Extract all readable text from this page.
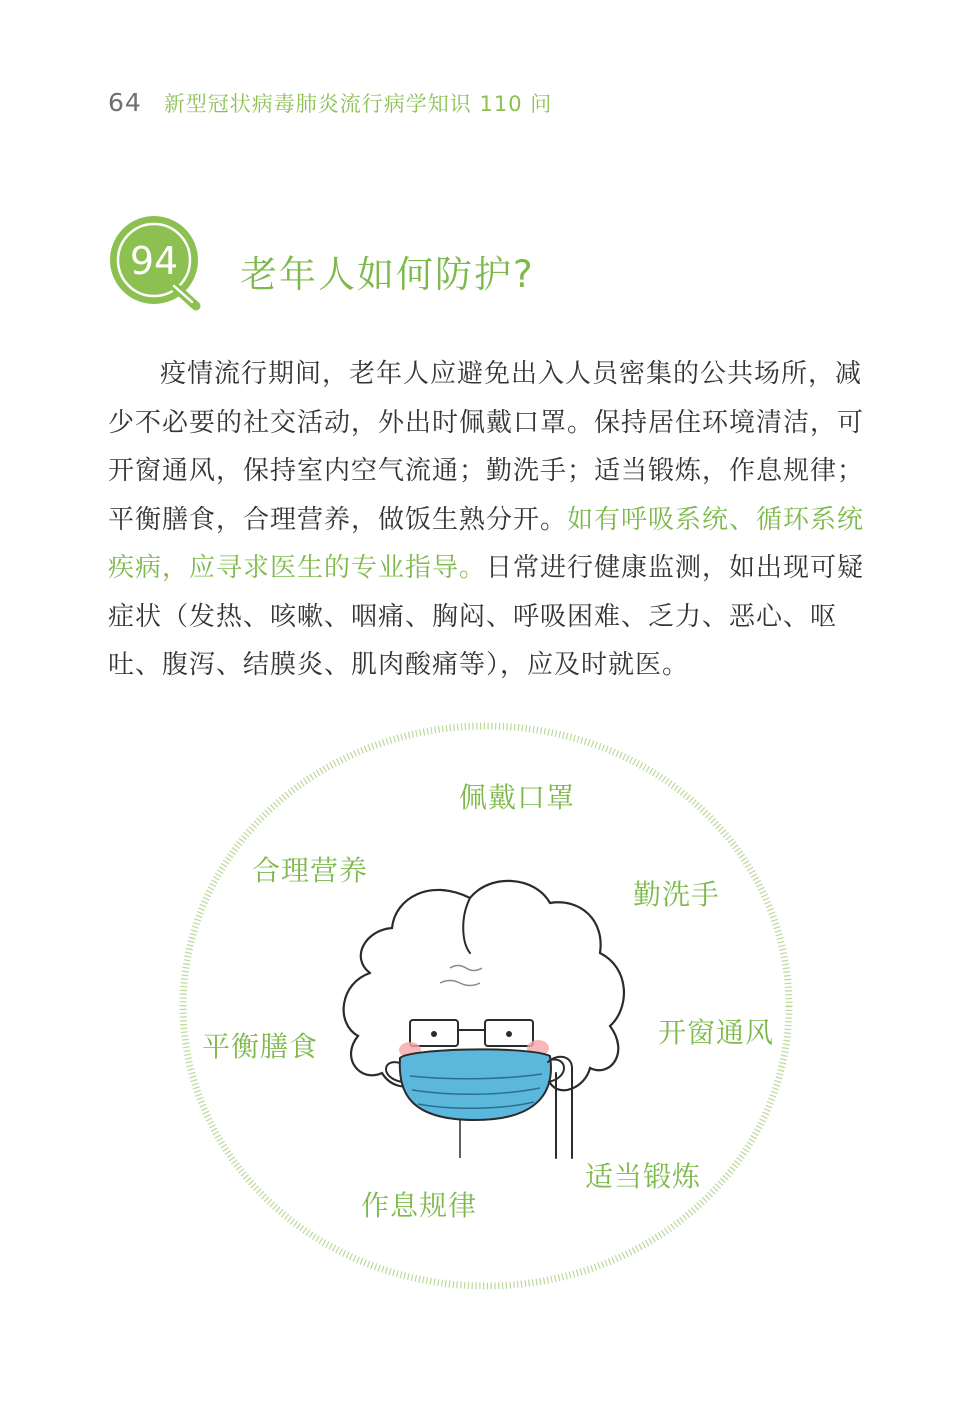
64 新型冠状病毒肺炎流行病学知识 110 问
94 老年人如何防护?

疫情流行期间，老年人应避免出入人员密集的公共场所，减少不必要的社交活动，外出时佩戴口罩。保持居住环境清洁，可开窗通风，保持室内空气流通；勤洗手；适当锻炼，作息规律；平衡膳食，合理营养，做饭生熟分开。如有呼吸系统、循环系统疾病，应寻求医生的专业指导。日常进行健康监测，如出现可疑症状（发热、咳嗽、咽痛、胸闷、呼吸困难、乏力、恶心、呕吐、腹泻、结膜炎、肌肉酸痛等），应及时就医。

佩戴口罩
合理营养
勤洗手
平衡膳食	开窗通风
适当锻炼
作息规律
